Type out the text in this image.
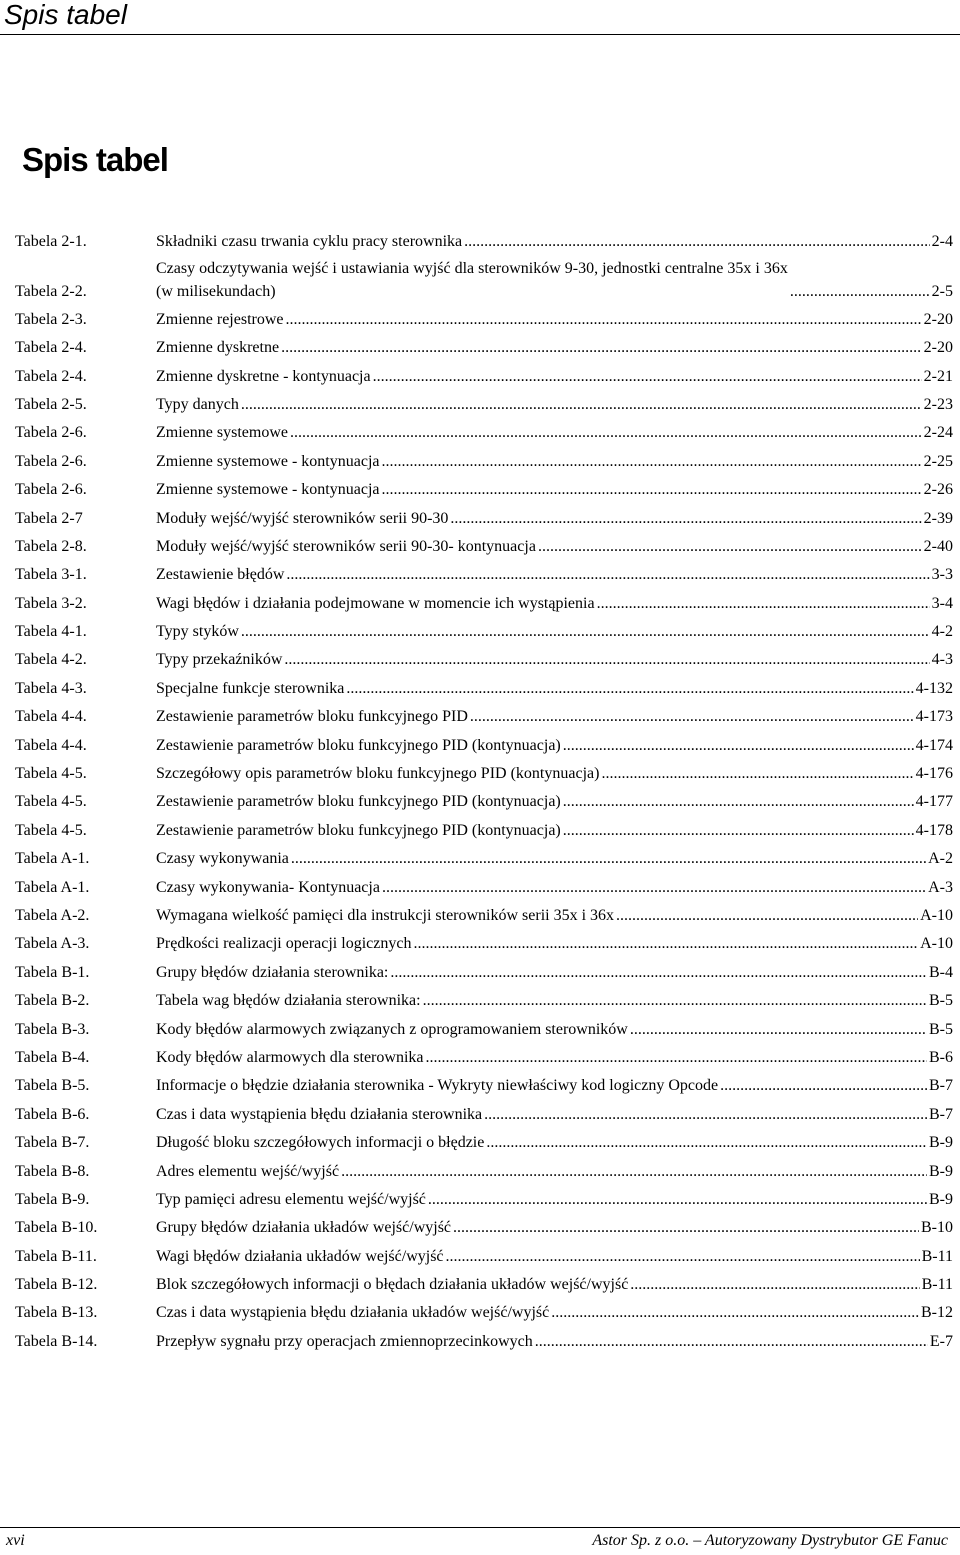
Spis tabel
Spis tabel
Tabela 2-1.	Składniki czasu trwania cyklu pracy sterownika .....	2-4
Tabela 2-2.
Czasy odczytywania wejść i ustawiania wyjść dla sterowników 9-30, jednostki centralne 35x i 36x
(w milisekundach) .....	2-5
Tabela 2-3.	Zmienne rejestrowe .....	2-20
Tabela 2-4.	Zmienne dyskretne .....	2-20
Tabela 2-4.	Zmienne dyskretne - kontynuacja .....	2-21
Tabela 2-5.	Typy danych .....	2-23
Tabela 2-6.	Zmienne systemowe .....	2-24
Tabela 2-6.	Zmienne systemowe - kontynuacja .....	2-25
Tabela 2-6.	Zmienne systemowe - kontynuacja .....	2-26
Tabela 2-7	Moduły wejść/wyjść sterowników serii 90-30 .....	2-39
Tabela 2-8.	Moduły wejść/wyjść sterowników serii 90-30- kontynuacja .....	2-40
Tabela 3-1.	Zestawienie błędów .....	3-3
Tabela 3-2.	Wagi błędów i działania podejmowane w momencie ich wystąpienia .....	3-4
Tabela 4-1.	Typy styków .....	4-2
Tabela 4-2.	Typy przekaźników .....	4-3
Tabela 4-3.	Specjalne funkcje sterownika .....	4-132
Tabela 4-4.	Zestawienie parametrów bloku funkcyjnego PID .....	4-173
Tabela 4-4.	Zestawienie parametrów bloku funkcyjnego PID (kontynuacja) .....	4-174
Tabela 4-5.	Szczegółowy opis parametrów bloku funkcyjnego PID (kontynuacja) .....	4-176
Tabela 4-5.	Zestawienie parametrów bloku funkcyjnego PID (kontynuacja) .....	4-177
Tabela 4-5.	Zestawienie parametrów bloku funkcyjnego PID (kontynuacja) .....	4-178
Tabela A-1.	Czasy wykonywania .....	A-2
Tabela A-1.	Czasy wykonywania- Kontynuacja .....	A-3
Tabela A-2.	Wymagana wielkość pamięci dla instrukcji sterowników serii 35x i 36x .....	A-10
Tabela A-3.	Prędkości realizacji operacji logicznych .....	A-10
Tabela B-1.	Grupy błędów działania sterownika: .....	B-4
Tabela B-2.	Tabela wag błędów działania sterownika: .....	B-5
Tabela B-3.	Kody błędów alarmowych związanych z oprogramowaniem sterowników .....	B-5
Tabela B-4.	Kody błędów alarmowych dla sterownika .....	B-6
Tabela B-5.	Informacje o błędzie działania sterownika - Wykryty niewłaściwy kod logiczny Opcode .....	B-7
Tabela B-6.	Czas i data wystąpienia błędu działania sterownika .....	B-7
Tabela B-7.	Długość bloku szczegółowych informacji o błędzie .....	B-9
Tabela B-8.	Adres elementu wejść/wyjść .....	B-9
Tabela B-9.	Typ pamięci adresu elementu wejść/wyjść .....	B-9
Tabela B-10.	Grupy błędów działania układów wejść/wyjść .....	B-10
Tabela B-11.	Wagi błędów działania układów wejść/wyjść .....	B-11
Tabela B-12.	Blok szczegółowych informacji o błędach działania układów wejść/wyjść .....	B-11
Tabela B-13.	Czas i data wystąpienia błędu działania układów wejść/wyjść .....	B-12
Tabela B-14.	Przepływ sygnału przy operacjach zmiennoprzecinkowych .....	E-7
xvi	Astor Sp. z o.o. – Autoryzowany Dystrybutor GE Fanuc
